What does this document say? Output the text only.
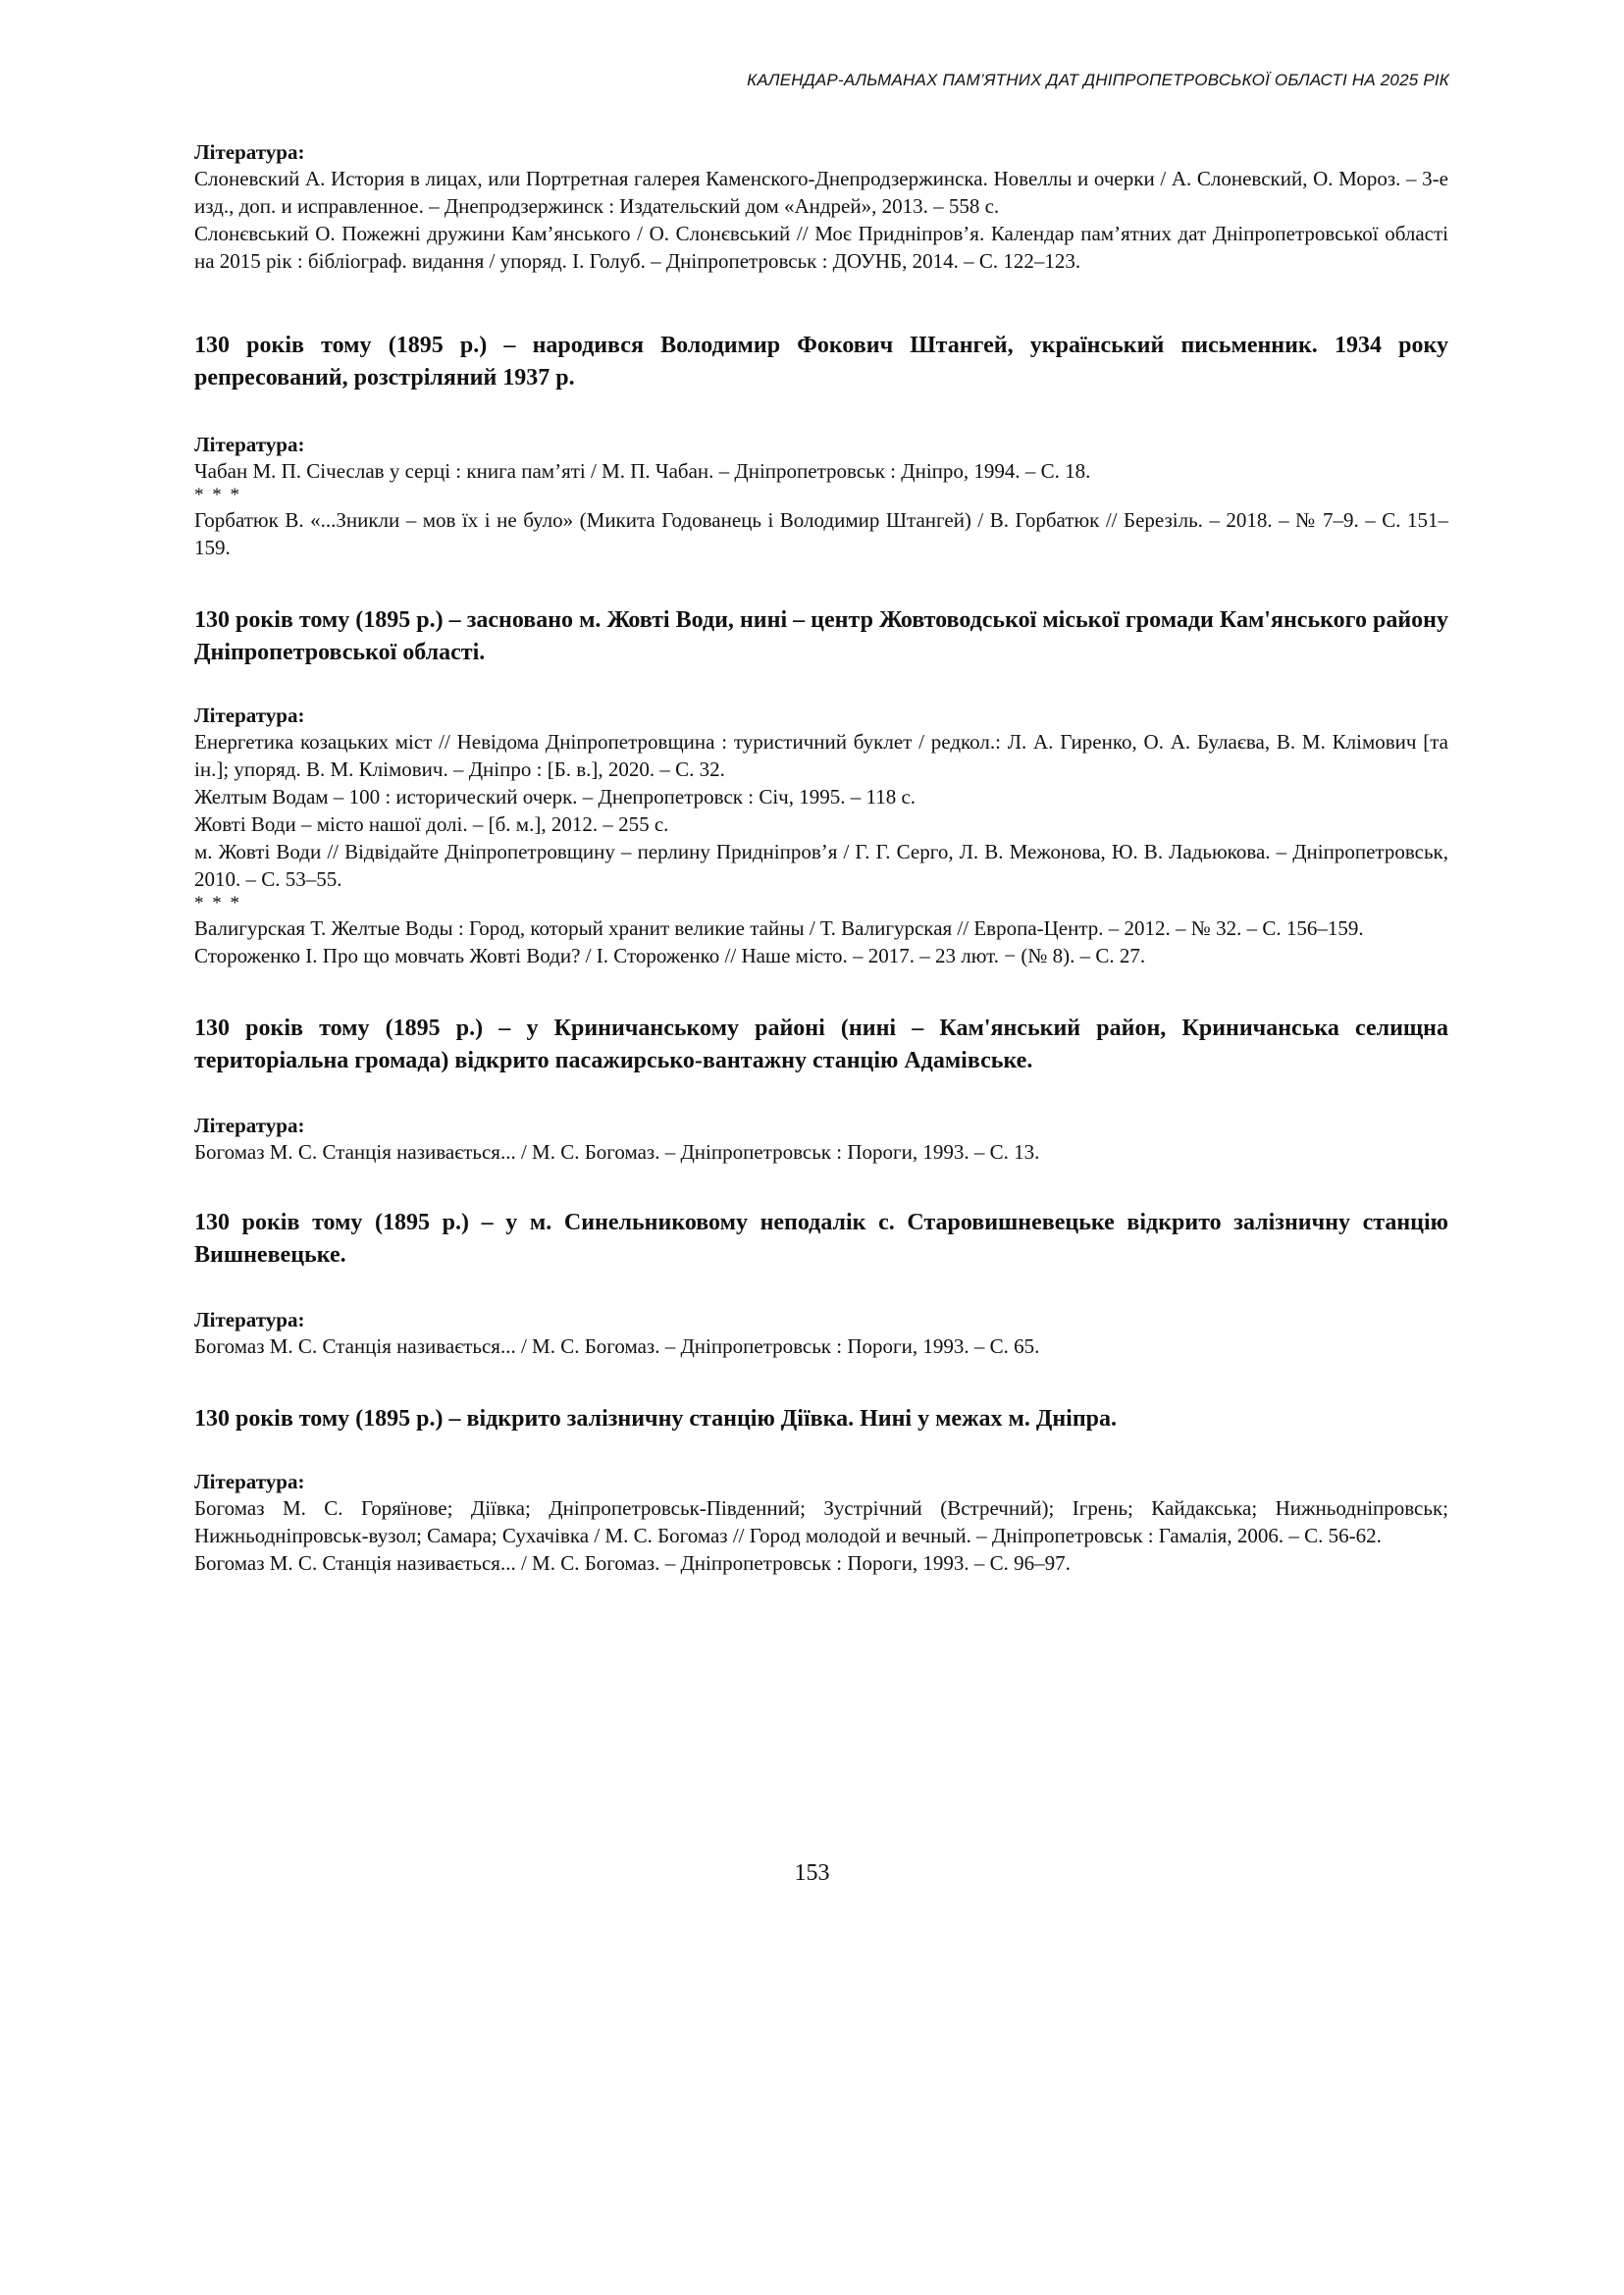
КАЛЕНДАР-АЛЬМАНАХ ПАМ’ЯТНИХ ДАТ ДНІПРОПЕТРОВСЬКОЇ ОБЛАСТІ НА 2025 РІК

Література:

Слоневский А. История в лицах, или Портретная галерея Каменского-Днепродзержинска. Новеллы и очерки / А. Слоневский, О. Мороз. – 3-е изд., доп. и исправленное. – Днепродзержинск : Издательский дом «Андрей», 2013. – 558 с.

Слонєвський О. Пожежні дружини Кам’янського / О. Слонєвський // Моє Придніпров’я. Календар пам’ятних дат Дніпропетровської області на 2015 рік : бібліограф. видання / упоряд. І. Голуб. – Дніпропетровськ : ДОУНБ, 2014. – С. 122–123.

130 років тому (1895 р.) – народився Володимир Фокович Штангей, український письменник. 1934 року репресований, розстріляний 1937 р.

Література:

Чабан М. П. Січеслав у серці : книга пам’яті / М. П. Чабан. – Дніпропетровськ : Дніпро, 1994. – С. 18.

* * *

Горбатюк В. «...Зникли – мов їх і не було» (Микита Годованець і Володимир Штангей) / В. Горбатюк // Березіль. – 2018. – № 7–9. – С. 151–159.

130 років тому (1895 р.) – засновано м. Жовті Води, нині – центр Жовтоводської міської громади Кам'янського району Дніпропетровської області.

Література:

Енергетика козацьких міст // Невідома Дніпропетровщина : туристичний буклет / редкол.: Л. А. Гиренко, О. А. Булаєва, В. М. Клімович [та ін.]; упоряд. В. М. Клімович. – Дніпро : [Б. в.], 2020. – С. 32.

Желтым Водам – 100 : исторический очерк. – Днепропетровск : Січ, 1995. – 118 с.

Жовті Води – місто нашої долі. – [б. м.], 2012. – 255 с.

м. Жовті Води // Відвідайте Дніпропетровщину – перлину Придніпров’я / Г. Г. Серго, Л. В. Межонова, Ю. В. Ладьюкова. – Дніпропетровськ, 2010. – С. 53–55.

* * *

Валигурская Т. Желтые Воды : Город, который хранит великие тайны / Т. Валигурская // Европа-Центр. – 2012. – № 32. – С. 156–159.

Стороженко І. Про що мовчать Жовті Води? / І. Стороженко // Наше місто. – 2017. – 23 лют. − (№ 8). – С. 27.

130 років тому (1895 р.) – у Криничанському районі (нині – Кам'янський район, Криничанська селищна територіальна громада) відкрито пасажирсько-вантажну станцію Адамівське.

Література:

Богомаз М. С. Станція називається... / М. С. Богомаз. – Дніпропетровськ : Пороги, 1993. – С. 13.

130 років тому (1895 р.) – у м. Синельниковому неподалік с. Старовишневецьке відкрито залізничну станцію Вишневецьке.

Література:

Богомаз М. С. Станція називається... / М. С. Богомаз. – Дніпропетровськ : Пороги, 1993. – С. 65.

130 років тому (1895 р.) – відкрито залізничну станцію Діївка. Нині у межах м. Дніпра.

Література:

Богомаз М. С. Горяїнове; Діївка; Дніпропетровськ-Південний; Зустрічний (Встречний); Ігрень; Кайдакська; Нижньодніпровськ; Нижньодніпровськ-вузол; Самара; Сухачівка / М. С. Богомаз // Город молодой и вечный. – Дніпропетровськ : Гамалія, 2006. – С. 56-62.

Богомаз М. С. Станція називається... / М. С. Богомаз. – Дніпропетровськ : Пороги, 1993. – С. 96–97.

153
